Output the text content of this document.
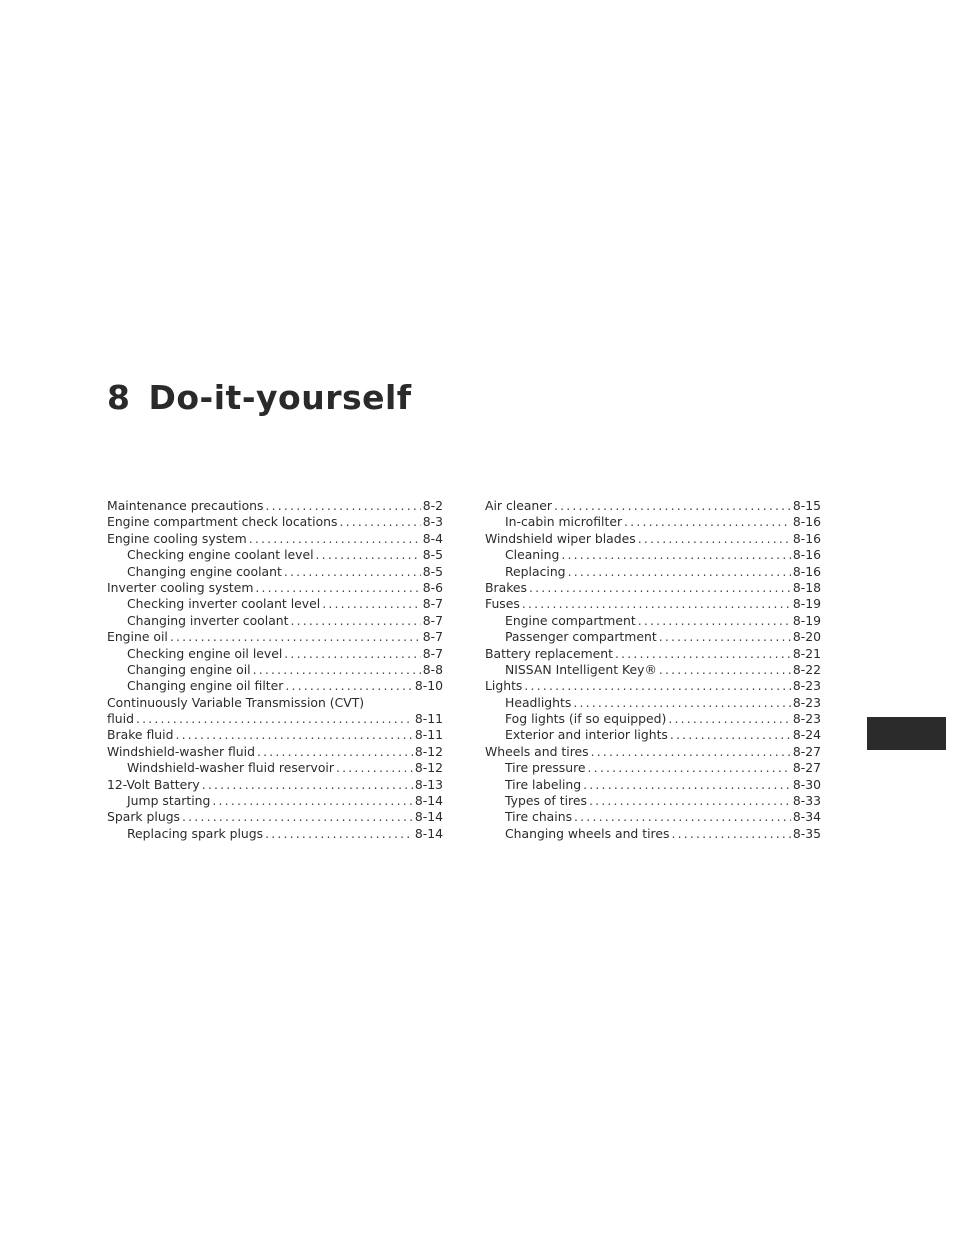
8 Do-it-yourself
Maintenance precautions .....	8-2
Engine compartment check locations .....	8-3
Engine cooling system .....	8-4
Checking engine coolant level .....	8-5
Changing engine coolant .....	8-5
Inverter cooling system .....	8-6
Checking inverter coolant level .....	8-7
Changing inverter coolant .....	8-7
Engine oil .....	8-7
Checking engine oil level .....	8-7
Changing engine oil .....	8-8
Changing engine oil filter .....	8-10
Continuously Variable Transmission (CVT)
fluid .....	8-11
Brake fluid .....	8-11
Windshield-washer fluid .....	8-12
Windshield-washer fluid reservoir .....	8-12
12-Volt Battery .....	8-13
Jump starting .....	8-14
Spark plugs .....	8-14
Replacing spark plugs .....	8-14
Air cleaner .....	8-15
In-cabin microfilter .....	8-16
Windshield wiper blades .....	8-16
Cleaning .....	8-16
Replacing .....	8-16
Brakes .....	8-18
Fuses .....	8-19
Engine compartment .....	8-19
Passenger compartment .....	8-20
Battery replacement .....	8-21
NISSAN Intelligent Key® .....	8-22
Lights .....	8-23
Headlights .....	8-23
Fog lights (if so equipped) .....	8-23
Exterior and interior lights .....	8-24
Wheels and tires .....	8-27
Tire pressure .....	8-27
Tire labeling .....	8-30
Types of tires .....	8-33
Tire chains .....	8-34
Changing wheels and tires .....	8-35
